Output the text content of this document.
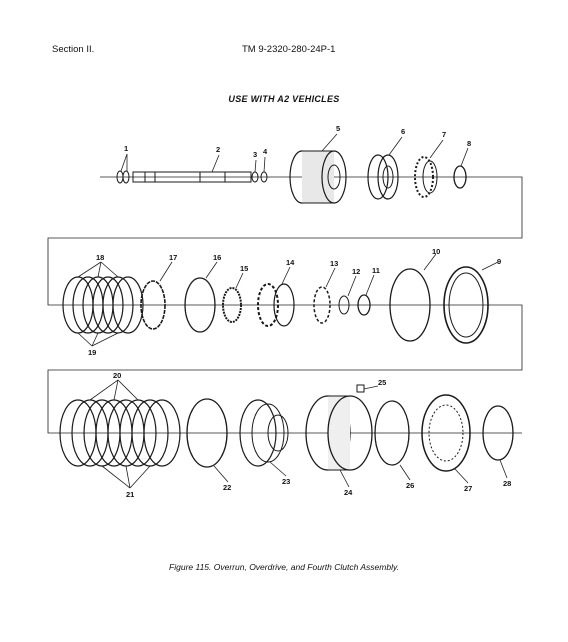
Section II.	TM 9-2320-280-24P-1
USE WITH A2 VEHICLES
1	2
3 4
5	6	7
8
9
10
11
12
13
14
15
16
17
18
19
20
21
22
23
24
25
26	27
28
Figure 115. Overrun, Overdrive, and Fourth Clutch Assembly.
